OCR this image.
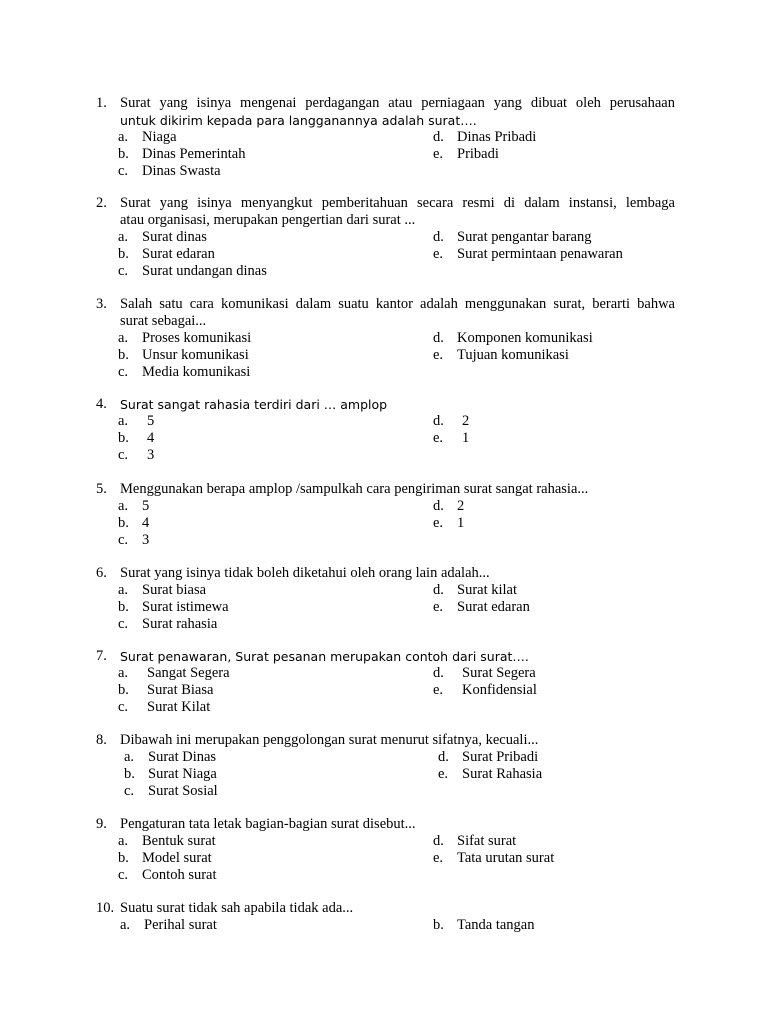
1. Surat yang isinya mengenai perdagangan atau perniagaan yang dibuat oleh perusahaan
untuk dikirim kepada para langganannya adalah surat….
a. Niaga	d. Dinas Pribadi
b. Dinas Pemerintah	e. Pribadi
c. Dinas Swasta
2. Surat yang isinya menyangkut pemberitahuan secara resmi di dalam instansi, lembaga
atau organisasi, merupakan pengertian dari surat ...
a. Surat dinas	d. Surat pengantar barang
b. Surat edaran	e. Surat permintaan penawaran
c. Surat undangan dinas
3. Salah satu cara komunikasi dalam suatu kantor adalah menggunakan surat, berarti bahwa
surat sebagai...
a. Proses komunikasi	d. Komponen komunikasi
b. Unsur komunikasi	e. Tujuan komunikasi
c. Media komunikasi
4. Surat sangat rahasia terdiri dari … amplop
a. 5	d. 2
b. 4	e. 1
c. 3
5. Menggunakan berapa amplop /sampulkah cara pengiriman surat sangat rahasia...
a. 5	d. 2
b. 4	e. 1
c. 3
6. Surat yang isinya tidak boleh diketahui oleh orang lain adalah...
a. Surat biasa	d. Surat kilat
b. Surat istimewa	e. Surat edaran
c. Surat rahasia
7. Surat penawaran, Surat pesanan merupakan contoh dari surat….
a. Sangat Segera	d. Surat Segera
b. Surat Biasa	e. Konfidensial
c. Surat Kilat
8. Dibawah ini merupakan penggolongan surat menurut sifatnya, kecuali...
a. Surat Dinas	d. Surat Pribadi
b. Surat Niaga	e. Surat Rahasia
c. Surat Sosial
9. Pengaturan tata letak bagian-bagian surat disebut...
a. Bentuk surat	d. Sifat surat
b. Model surat	e. Tata urutan surat
c. Contoh surat
10. Suatu surat tidak sah apabila tidak ada...
a. Perihal surat	b. Tanda tangan
